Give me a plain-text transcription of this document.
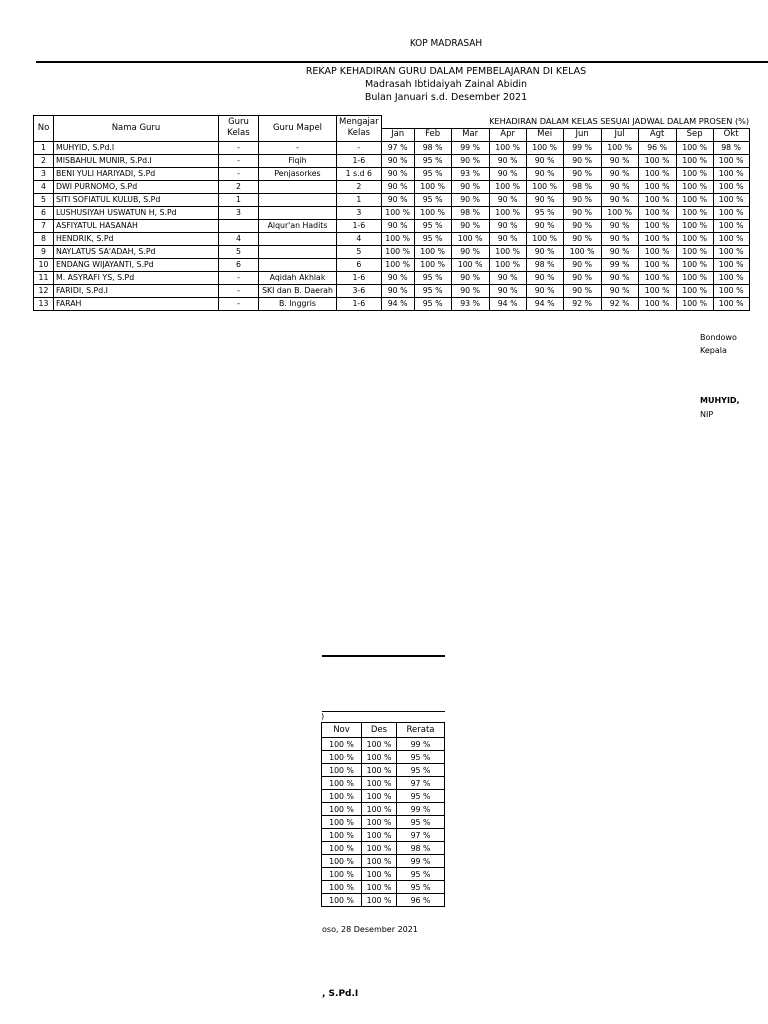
KOP MADRASAH
REKAP KEHADIRAN GURU DALAM PEMBELAJARAN DI KELAS
Madrasah Ibtidaiyah Zainal Abidin
Bulan Januari s.d. Desember 2021
No	Nama Guru	Guru Kelas	Guru Mapel	Mengajar Kelas	KEHADIRAN DALAM KELAS SESUAI JADWAL DALAM PROSEN (%)									
					Jan	Feb	Mar	Apr	Mei	Jun	Jul	Agt	Sep	Okt
1	MUHYID, S.Pd.I	-	-	-	97 %	98 %	99 %	100 %	100 %	99 %	100 %	96 %	100 %	98 %
2	MISBAHUL MUNIR, S.Pd.I	-	Fiqih	1-6	90 %	95 %	90 %	90 %	90 %	90 %	90 %	100 %	100 %	100 %
3	BENI YULI HARIYADI, S.Pd	-	Penjasorkes	1 s.d 6	90 %	95 %	93 %	90 %	90 %	90 %	90 %	100 %	100 %	100 %
4	DWI PURNOMO, S.Pd	2		2	90 %	100 %	90 %	100 %	100 %	98 %	90 %	100 %	100 %	100 %
5	SITI SOFIATUL KULUB, S.Pd	1		1	90 %	95 %	90 %	90 %	90 %	90 %	90 %	100 %	100 %	100 %
6	LUSHUSIYAH USWATUN H, S.Pd	3		3	100 %	100 %	98 %	100 %	95 %	90 %	100 %	100 %	100 %	100 %
7	ASFIYATUL HASANAH		Alqur'an Hadits	1-6	90 %	95 %	90 %	90 %	90 %	90 %	90 %	100 %	100 %	100 %
8	HENDRIK, S.Pd	4		4	100 %	95 %	100 %	90 %	100 %	90 %	90 %	100 %	100 %	100 %
9	NAYLATUS SA'ADAH, S.Pd	5		5	100 %	100 %	90 %	100 %	90 %	100 %	90 %	100 %	100 %	100 %
10	ENDANG WIJAYANTI, S.Pd	6		6	100 %	100 %	100 %	100 %	98 %	90 %	99 %	100 %	100 %	100 %
11	M. ASYRAFI YS, S.Pd	-	Aqidah Akhlak	1-6	90 %	95 %	90 %	90 %	90 %	90 %	90 %	100 %	100 %	100 %
12	FARIDI, S.Pd.I	-	SKI dan B. Daerah	3-6	90 %	95 %	90 %	90 %	90 %	90 %	90 %	100 %	100 %	100 %
13	FARAH	-	B. Inggris	1-6	94 %	95 %	93 %	94 %	94 %	92 %	92 %	100 %	100 %	100 %
Bondowo
Kepala
MUHYID,
NIP
)
Nov	Des	Rerata
100 %	100 %	99 %
100 %	100 %	95 %
100 %	100 %	95 %
100 %	100 %	97 %
100 %	100 %	95 %
100 %	100 %	99 %
100 %	100 %	95 %
100 %	100 %	97 %
100 %	100 %	98 %
100 %	100 %	99 %
100 %	100 %	95 %
100 %	100 %	95 %
100 %	100 %	96 %
oso, 28 Desember 2021
, S.Pd.I
